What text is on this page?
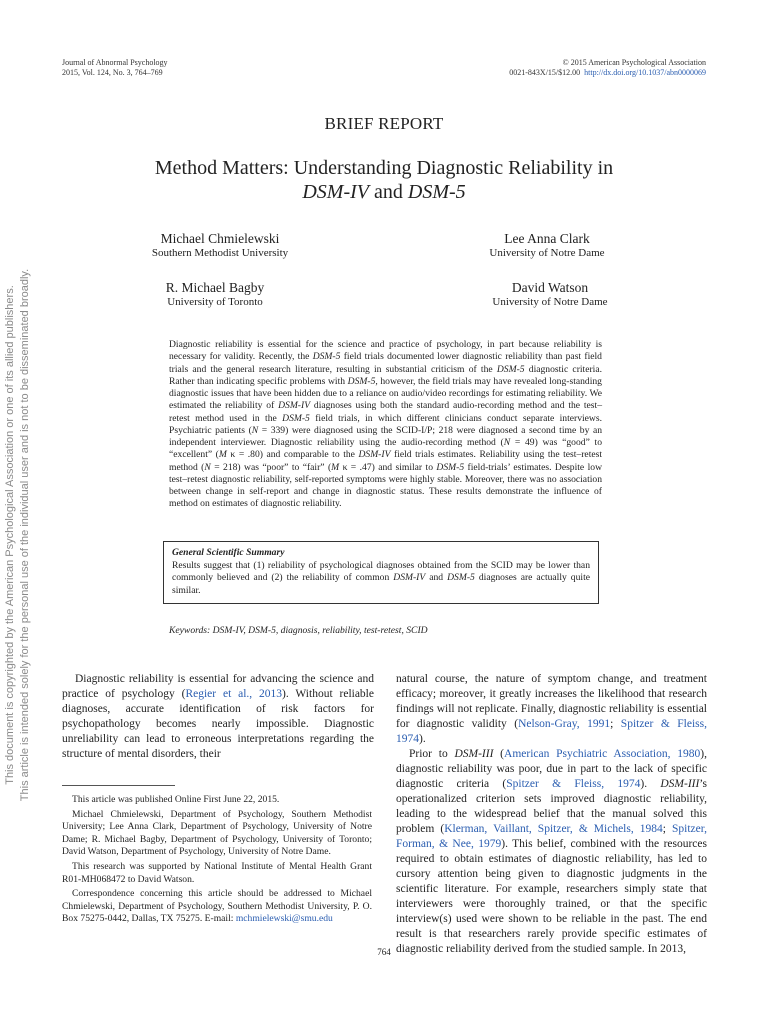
Journal of Abnormal Psychology
2015, Vol. 124, No. 3, 764–769
© 2015 American Psychological Association
0021-843X/15/$12.00 http://dx.doi.org/10.1037/abn0000069
This document is copyrighted by the American Psychological Association or one of its allied publishers. This article is intended solely for the personal use of the individual user and is not to be disseminated broadly.
BRIEF REPORT
Method Matters: Understanding Diagnostic Reliability in
DSM-IV and DSM-5
Michael Chmielewski
Southern Methodist University
Lee Anna Clark
University of Notre Dame
R. Michael Bagby
University of Toronto
David Watson
University of Notre Dame
Diagnostic reliability is essential for the science and practice of psychology, in part because reliability is necessary for validity. Recently, the DSM-5 field trials documented lower diagnostic reliability than past field trials and the general research literature, resulting in substantial criticism of the DSM-5 diagnostic criteria. Rather than indicating specific problems with DSM-5, however, the field trials may have revealed long-standing diagnostic issues that have been hidden due to a reliance on audio/video recordings for estimating reliability. We estimated the reliability of DSM-IV diagnoses using both the standard audio-recording method and the test–retest method used in the DSM-5 field trials, in which different clinicians conduct separate interviews. Psychiatric patients (N = 339) were diagnosed using the SCID-I/P; 218 were diagnosed a second time by an independent interviewer. Diagnostic reliability using the audio-recording method (N = 49) was “good” to “excellent” (M κ = .80) and comparable to the DSM-IV field trials estimates. Reliability using the test–retest method (N = 218) was “poor” to “fair” (M κ = .47) and similar to DSM-5 field-trials’ estimates. Despite low test–retest diagnostic reliability, self-reported symptoms were highly stable. Moreover, there was no association between change in self-report and change in diagnostic status. These results demonstrate the influence of method on estimates of diagnostic reliability.
General Scientific Summary
Results suggest that (1) reliability of psychological diagnoses obtained from the SCID may be lower than commonly believed and (2) the reliability of common DSM-IV and DSM-5 diagnoses are actually quite similar.
Keywords: DSM-IV, DSM-5, diagnosis, reliability, test-retest, SCID

Diagnostic reliability is essential for advancing the science and practice of psychology (Regier et al., 2013). Without reliable diagnoses, accurate identification of risk factors for psychopathology becomes nearly impossible. Diagnostic unreliability can lead to erroneous interpretations regarding the structure of mental disorders, their

This article was published Online First June 22, 2015.

Michael Chmielewski, Department of Psychology, Southern Methodist University; Lee Anna Clark, Department of Psychology, University of Notre Dame; R. Michael Bagby, Department of Psychology, University of Toronto; David Watson, Department of Psychology, University of Notre Dame.

This research was supported by National Institute of Mental Health Grant R01-MH068472 to David Watson.

Correspondence concerning this article should be addressed to Michael Chmielewski, Department of Psychology, Southern Methodist University, P. O. Box 75275-0442, Dallas, TX 75275. E-mail: mchmielewski@smu.edu

natural course, the nature of symptom change, and treatment efficacy; moreover, it greatly increases the likelihood that research findings will not replicate. Finally, diagnostic reliability is essential for diagnostic validity (Nelson-Gray, 1991; Spitzer & Fleiss, 1974).

Prior to DSM-III (American Psychiatric Association, 1980), diagnostic reliability was poor, due in part to the lack of specific diagnostic criteria (Spitzer & Fleiss, 1974). DSM-III’s operationalized criterion sets improved diagnostic reliability, leading to the widespread belief that the manual solved this problem (Klerman, Vaillant, Spitzer, & Michels, 1984; Spitzer, Forman, & Nee, 1979). This belief, combined with the resources required to obtain estimates of diagnostic reliability, has led to cursory attention being given to diagnostic judgments in the scientific literature. For example, researchers simply state that interviewers were thoroughly trained, or that the specific interview(s) used were shown to be reliable in the past. The end result is that researchers rarely provide specific estimates of diagnostic reliability derived from the studied sample. In 2013,

764
